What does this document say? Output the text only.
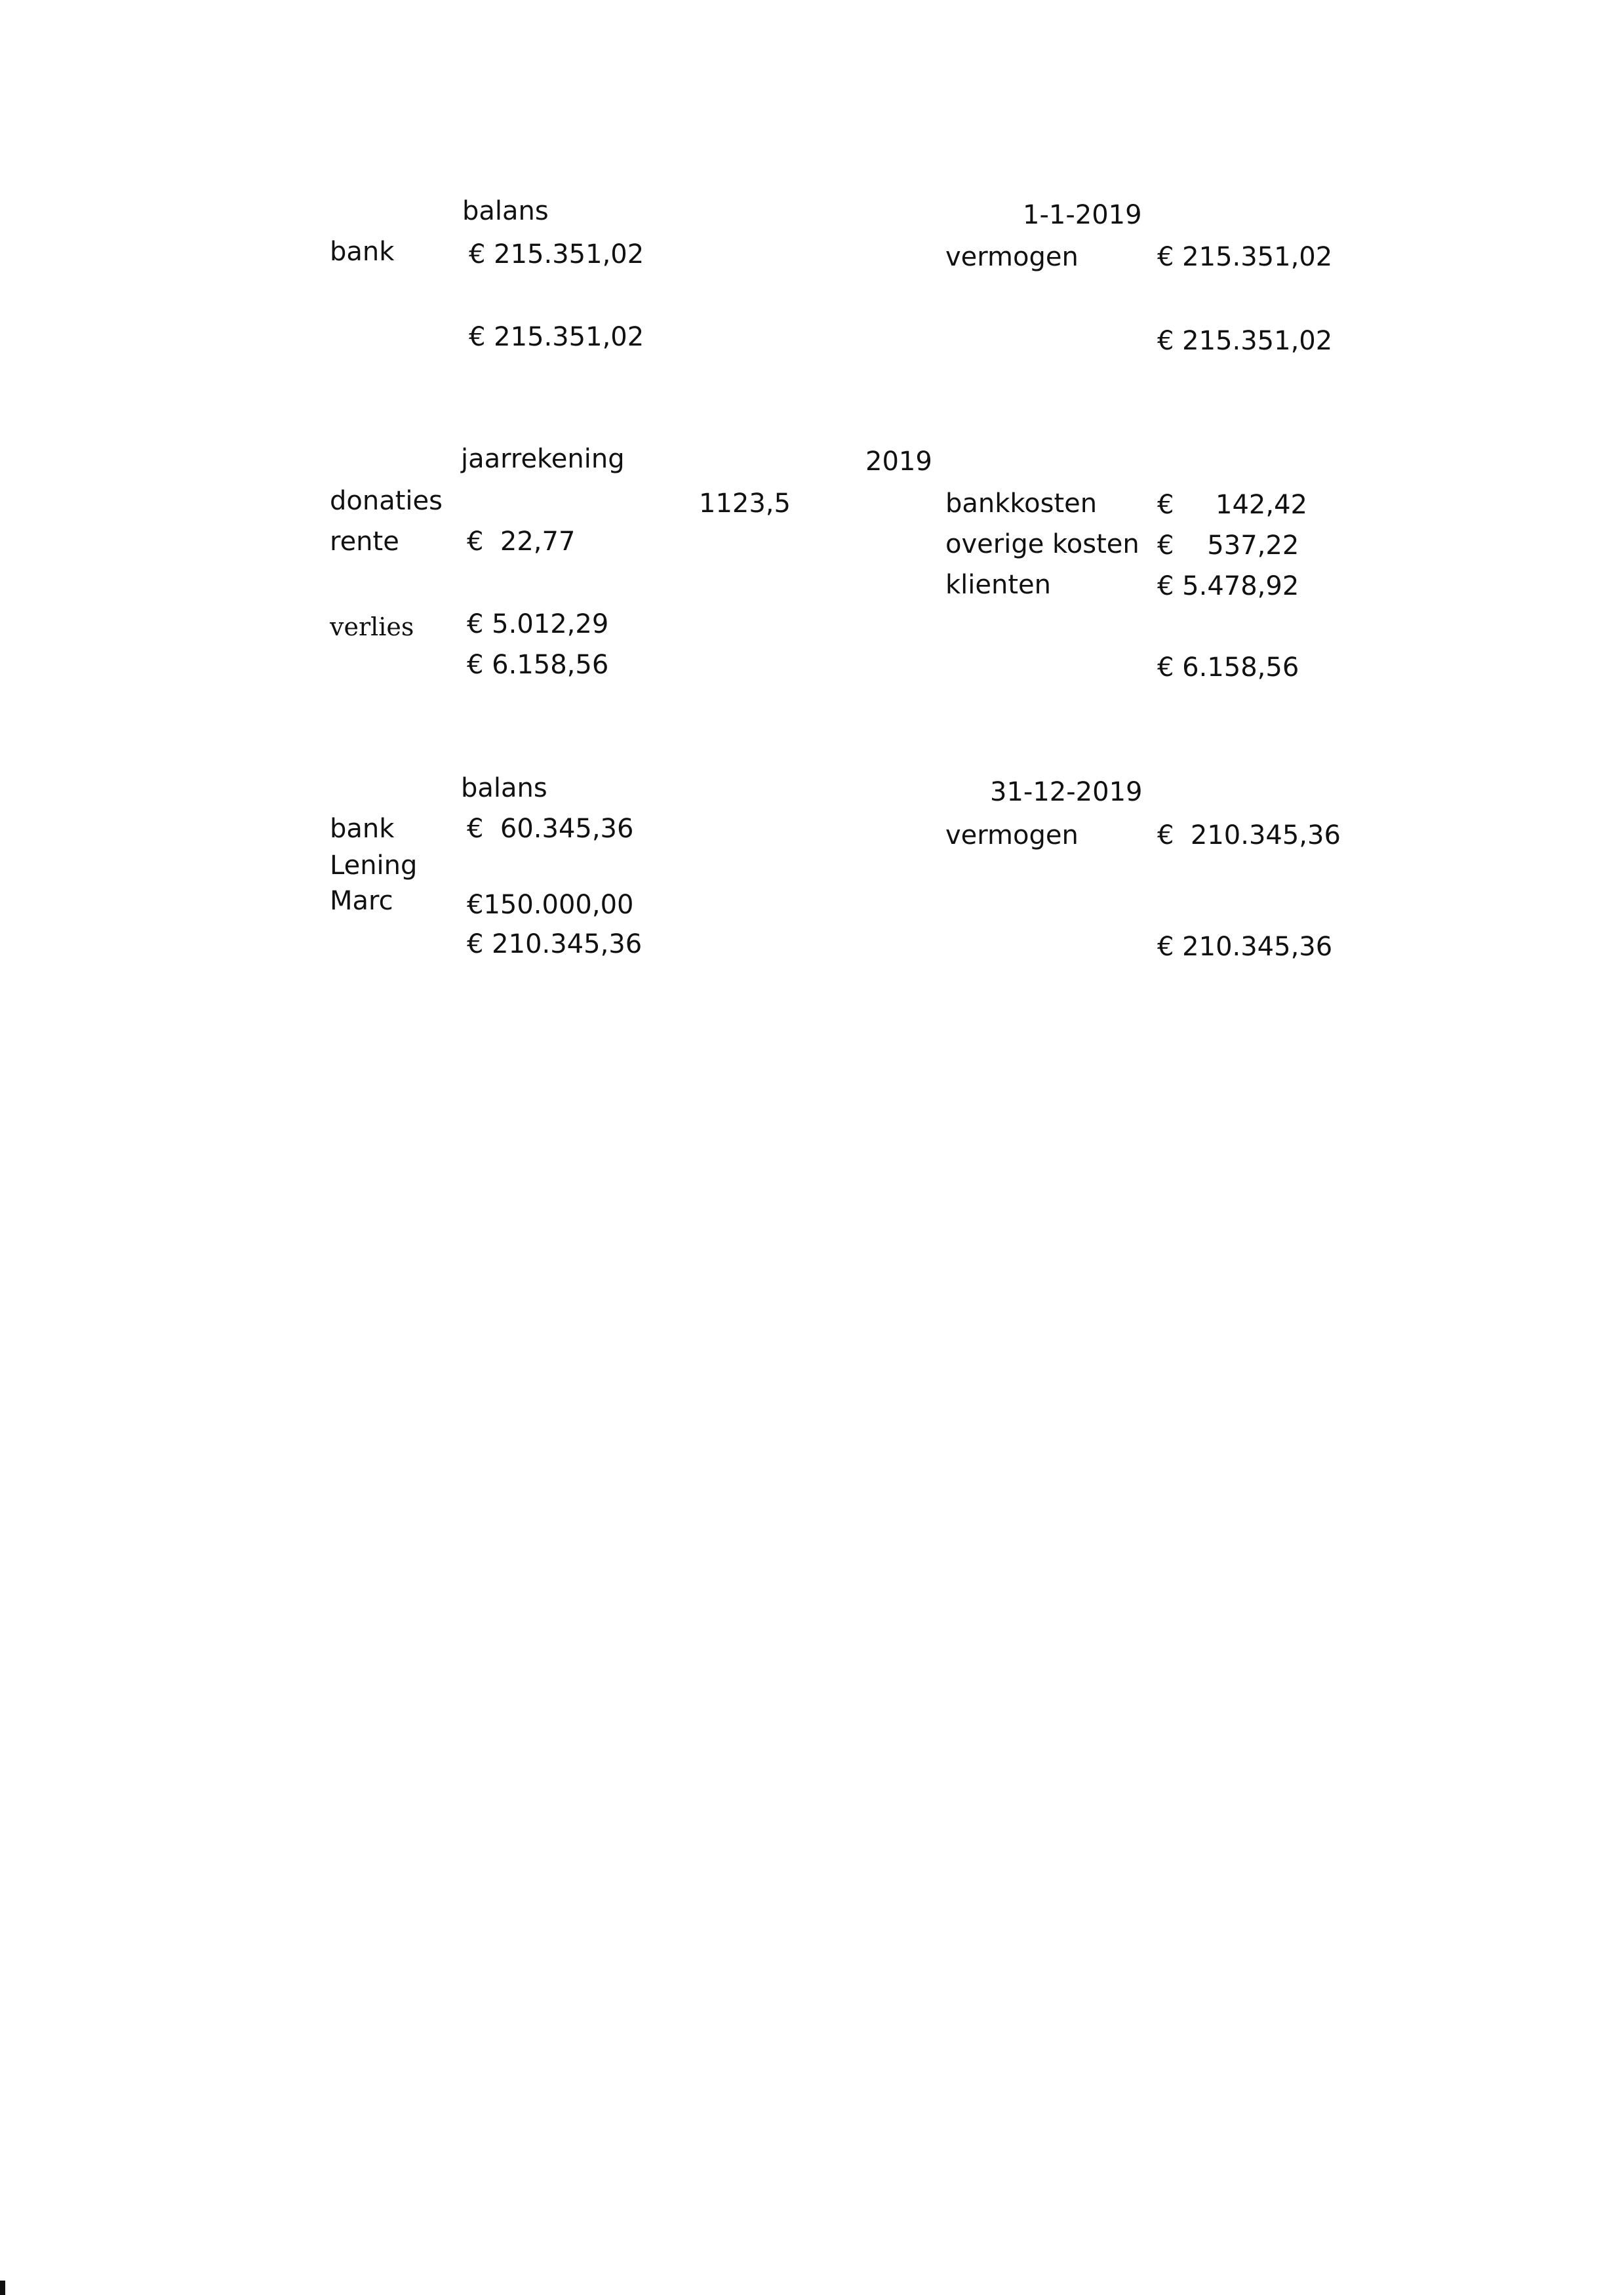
balans	1-1-2019
bank	€ 215.351,02	vermogen	€ 215.351,02
€ 215.351,02	€ 215.351,02
jaarrekening	2019
donaties	1123,5
rente	€  22,77
verlies € 5.012,29
€ 6.158,56
bankkosten €     142,42
overige kosten €    537,22
klienten	€ 5.478,92
€ 6.158,56
balans	31-12-2019
bank	€  60.345,36
Lening
Marc	€150.000,00
€ 210.345,36
vermogen	€  210.345,36
€ 210.345,36
